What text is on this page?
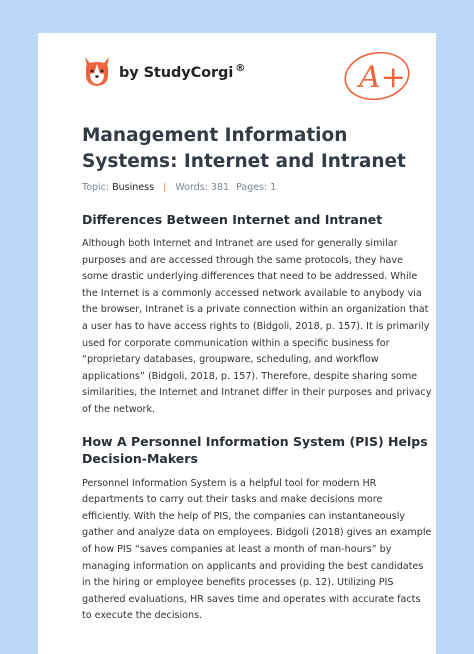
by StudyCorgi ®	A+
Management Information Systems: Internet and Intranet
Topic: Business | Words: 381 Pages: 1
Differences Between Internet and Intranet

Although both Internet and Intranet are used for generally similar purposes and are accessed through the same protocols, they have some drastic underlying differences that need to be addressed. While the Internet is a commonly accessed network available to anybody via the browser, Intranet is a private connection within an organization that a user has to have access rights to (Bidgoli, 2018, p. 157). It is primarily used for corporate communication within a specific business for “proprietary databases, groupware, scheduling, and workflow applications” (Bidgoli, 2018, p. 157). Therefore, despite sharing some similarities, the Internet and Intranet differ in their purposes and privacy of the network.

How A Personnel Information System (PIS) Helps Decision-Makers

Personnel Information System is a helpful tool for modern HR departments to carry out their tasks and make decisions more efficiently. With the help of PIS, the companies can instantaneously gather and analyze data on employees. Bidgoli (2018) gives an example of how PIS “saves companies at least a month of man-hours” by managing information on applicants and providing the best candidates in the hiring or employee benefits processes (p. 12). Utilizing PIS gathered evaluations, HR saves time and operates with accurate facts to execute the decisions.
